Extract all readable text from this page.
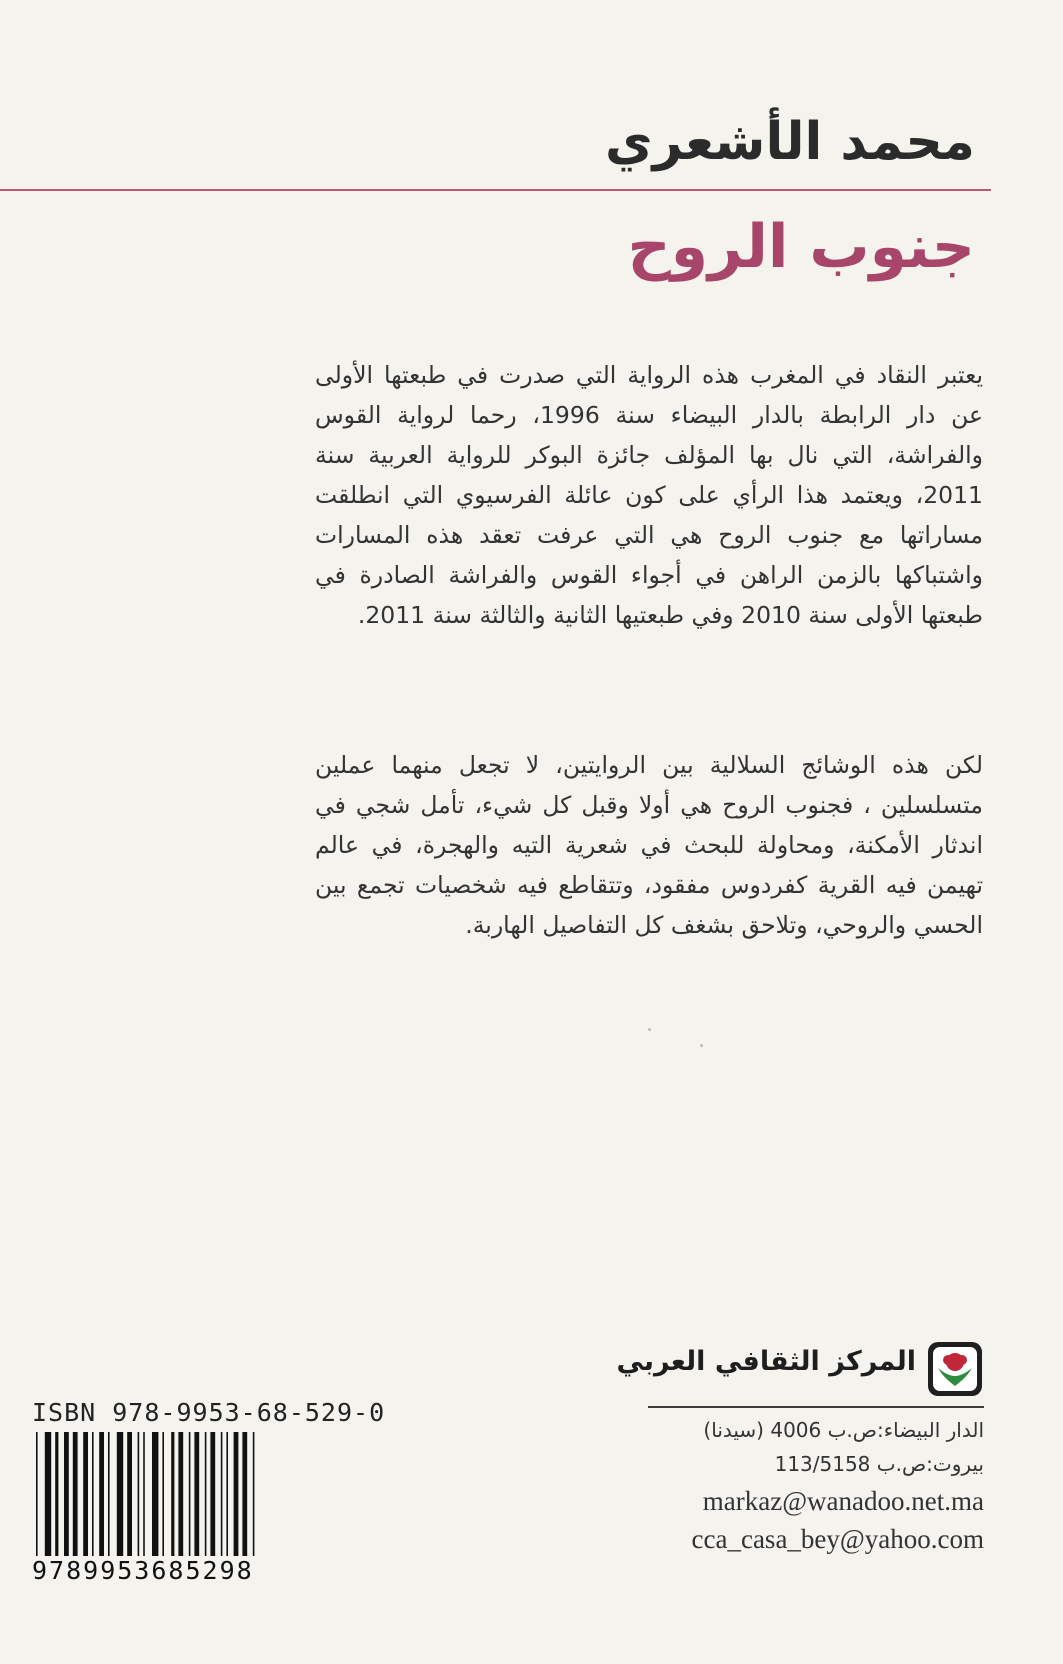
محمد الأشعري
جنوب الروح

يعتبر النقاد في المغرب هذه الرواية التي صدرت في طبعتها الأولى عن دار الرابطة بالدار البيضاء سنة 1996، رحما لرواية القوس والفراشة، التي نال بها المؤلف جائزة البوكر للرواية العربية سنة 2011، ويعتمد هذا الرأي على كون عائلة الفرسيوي التي انطلقت مساراتها مع جنوب الروح هي التي عرفت تعقد هذه المسارات واشتباكها بالزمن الراهن في أجواء القوس والفراشة الصادرة في طبعتها الأولى سنة 2010 وفي طبعتيها الثانية والثالثة سنة 2011.

لكن هذه الوشائج السلالية بين الروايتين، لا تجعل منهما عملين متسلسلين ، فجنوب الروح هي أولا وقبل كل شيء، تأمل شجي في اندثار الأمكنة، ومحاولة للبحث في شعرية التيه والهجرة، في عالم تهيمن فيه القرية كفردوس مفقود، وتتقاطع فيه شخصيات تجمع بين الحسي والروحي، وتلاحق بشغف كل التفاصيل الهاربة.

المركز الثقافي العربي
الدار البيضاء:ص.ب 4006 (سيدنا)
بيروت:ص.ب 113/5158
markaz@wanadoo.net.ma
cca_casa_bey@yahoo.com
ISBN 978-9953-68-529-0
9789953685298
